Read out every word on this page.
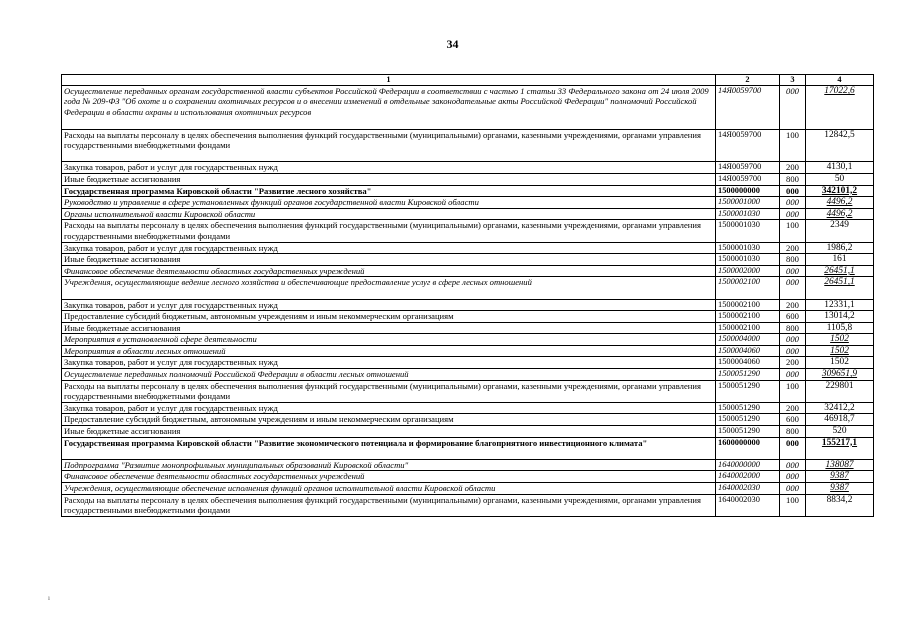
34
1	2	3	4
Осуществление переданных органам государственной власти субъектов Российской Федерации в соответствии с частью 1 статьи 33 Федерального закона от 24 июля 2009 года № 209-ФЗ "Об охоте и о сохранении охотничьих ресурсов и о внесении изменений в отдельные законодательные акты Российской Федерации" полномочий Российской Федерации в области охраны и использования охотничьих ресурсов	14Я0059700	000	17022,6
Расходы на выплаты персоналу в целях обеспечения выполнения функций государственными (муниципальными) органами, казенными учреждениями, органами управления государственными внебюджетными фондами	14Я0059700	100	12842,5
Закупка товаров, работ и услуг для государственных нужд	14Я0059700	200	4130,1
Иные бюджетные ассигнования	14Я0059700	800	50
Государственная программа Кировской области "Развитие лесного хозяйства"	1500000000	000	342101,2
Руководство и управление в сфере установленных функций органов государственной власти Кировской области	1500001000	000	4496,2
Органы исполнительной власти Кировской области	1500001030	000	4496,2
Расходы на выплаты персоналу в целях обеспечения выполнения функций государственными (муниципальными) органами, казенными учреждениями, органами управления государственными внебюджетными фондами	1500001030	100	2349
Закупка товаров, работ и услуг для государственных нужд	1500001030	200	1986,2
Иные бюджетные ассигнования	1500001030	800	161
Финансовое обеспечение деятельности областных государственных учреждений	1500002000	000	26451,1
Учреждения, осуществляющие ведение лесного хозяйства и обеспечивающие предоставление услуг в сфере лесных отношений	1500002100	000	26451,1
Закупка товаров, работ и услуг для государственных нужд	1500002100	200	12331,1
Предоставление субсидий бюджетным, автономным учреждениям и иным некоммерческим организациям	1500002100	600	13014,2
Иные бюджетные ассигнования	1500002100	800	1105,8
Мероприятия в установленной сфере деятельности	1500004000	000	1502
Мероприятия в области лесных отношений	1500004060	000	1502
Закупка товаров, работ и услуг для государственных нужд	1500004060	200	1502
Осуществление переданных полномочий Российской Федерации в области лесных отношений	1500051290	000	309651,9
Расходы на выплаты персоналу в целях обеспечения выполнения функций государственными (муниципальными) органами, казенными учреждениями, органами управления государственными внебюджетными фондами	1500051290	100	229801
Закупка товаров, работ и услуг для государственных нужд	1500051290	200	32412,2
Предоставление субсидий бюджетным, автономным учреждениям и иным некоммерческим организациям	1500051290	600	46918,7
Иные бюджетные ассигнования	1500051290	800	520
Государственная программа Кировской области "Развитие экономического потенциала и формирование благоприятного инвестиционного климата"	1600000000	000	155217,1
Подпрограмма "Развитие монопрофильных муниципальных образований Кировской области"	1640000000	000	138087
Финансовое обеспечение деятельности областных государственных учреждений	1640002000	000	9387
Учреждения, осуществляющие обеспечение исполнения функций органов исполнительной власти Кировской области	1640002030	000	9387
Расходы на выплаты персоналу в целях обеспечения выполнения функций государственными (муниципальными) органами, казенными учреждениями, органами управления государственными внебюджетными фондами	1640002030	100	8834,2
ı
